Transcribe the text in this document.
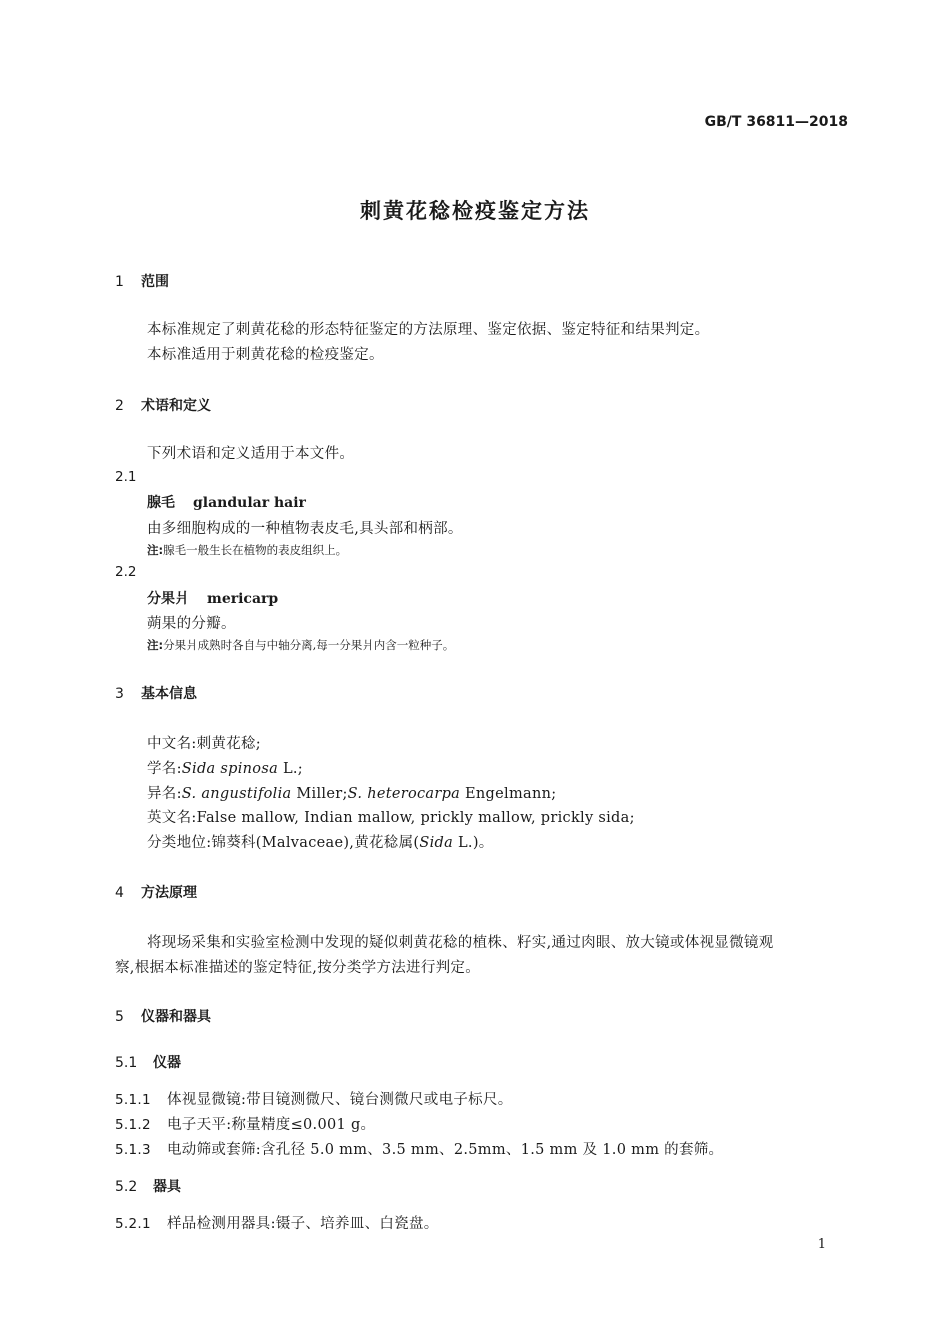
GB/T 36811—2018
刺黄花稔检疫鉴定方法
1 范围
本标准规定了刺黄花稔的形态特征鉴定的方法原理、鉴定依据、鉴定特征和结果判定。
本标准适用于刺黄花稔的检疫鉴定。
2 术语和定义
下列术语和定义适用于本文件。
2.1
腺毛 glandular hair
由多细胞构成的一种植物表皮毛,具头部和柄部。
注:腺毛一般生长在植物的表皮组织上。
2.2
分果爿 mericarp
蒴果的分瓣。
注:分果爿成熟时各自与中轴分离,每一分果爿内含一粒种子。
3 基本信息
中文名:刺黄花稔;
学名:Sida spinosa L.;
异名:S. angustifolia Miller;S. heterocarpa Engelmann;
英文名:False mallow, Indian mallow, prickly mallow, prickly sida;
分类地位:锦葵科(Malvaceae),黄花稔属(Sida L.)。
4 方法原理
将现场采集和实验室检测中发现的疑似刺黄花稔的植株、籽实,通过肉眼、放大镜或体视显微镜观
察,根据本标准描述的鉴定特征,按分类学方法进行判定。
5 仪器和器具
5.1 仪器
5.1.1 体视显微镜:带目镜测微尺、镜台测微尺或电子标尺。
5.1.2 电子天平:称量精度≤0.001 g。
5.1.3 电动筛或套筛:含孔径 5.0 mm、3.5 mm、2.5mm、1.5 mm 及 1.0 mm 的套筛。
5.2 器具
5.2.1 样品检测用器具:镊子、培养皿、白瓷盘。
1
